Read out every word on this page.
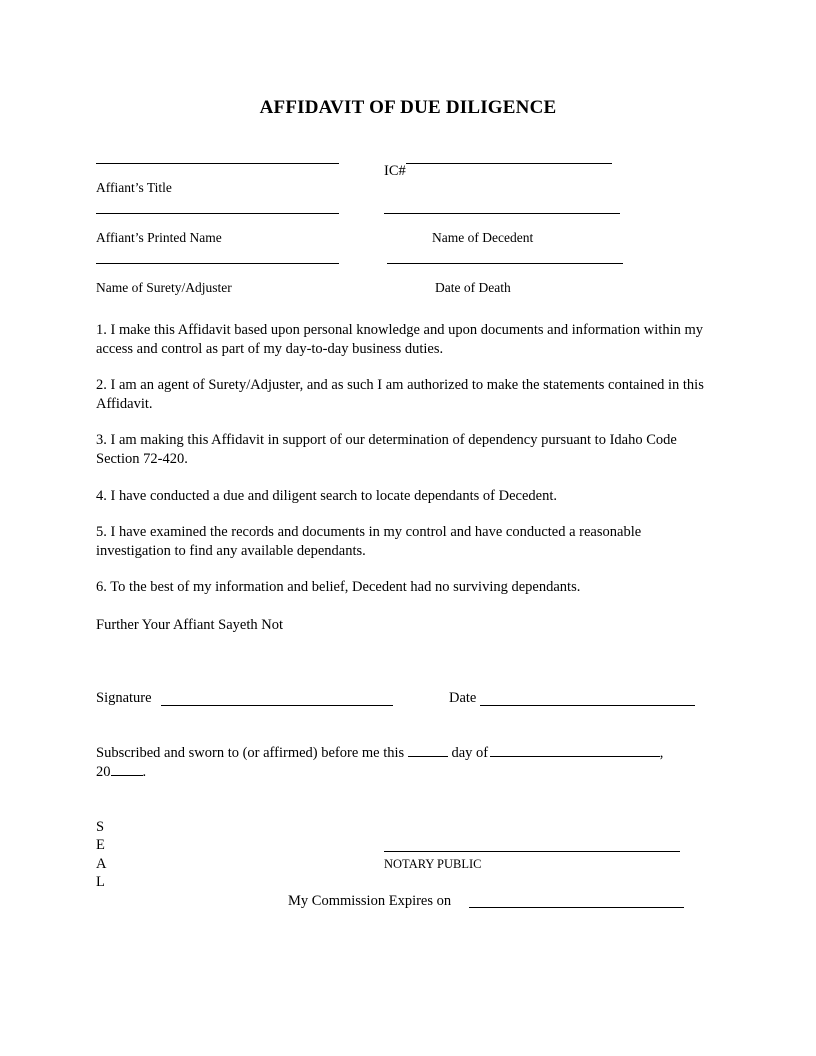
AFFIDAVIT OF DUE DILIGENCE
Affiant’s Title
IC#
Affiant’s Printed Name	Name of Decedent
Name of Surety/Adjuster	Date of Death
1. I make this Affidavit based upon personal knowledge and upon documents and information within my access and control as part of my day-to-day business duties.
2. I am an agent of Surety/Adjuster, and as such I am authorized to make the statements contained in this Affidavit.
3. I am making this Affidavit in support of our determination of dependency pursuant to Idaho Code Section 72-420.
4. I have conducted a due and diligent search to locate dependants of Decedent.
5. I have examined the records and documents in my control and have conducted a reasonable investigation to find any available dependants.
6. To the best of my information and belief, Decedent had no surviving dependants.
Further Your Affiant Sayeth Not
Signature	Date
Subscribed and sworn to (or affirmed) before me this	day of	,
20 .
S
E
A
L
NOTARY PUBLIC
My Commission Expires on
